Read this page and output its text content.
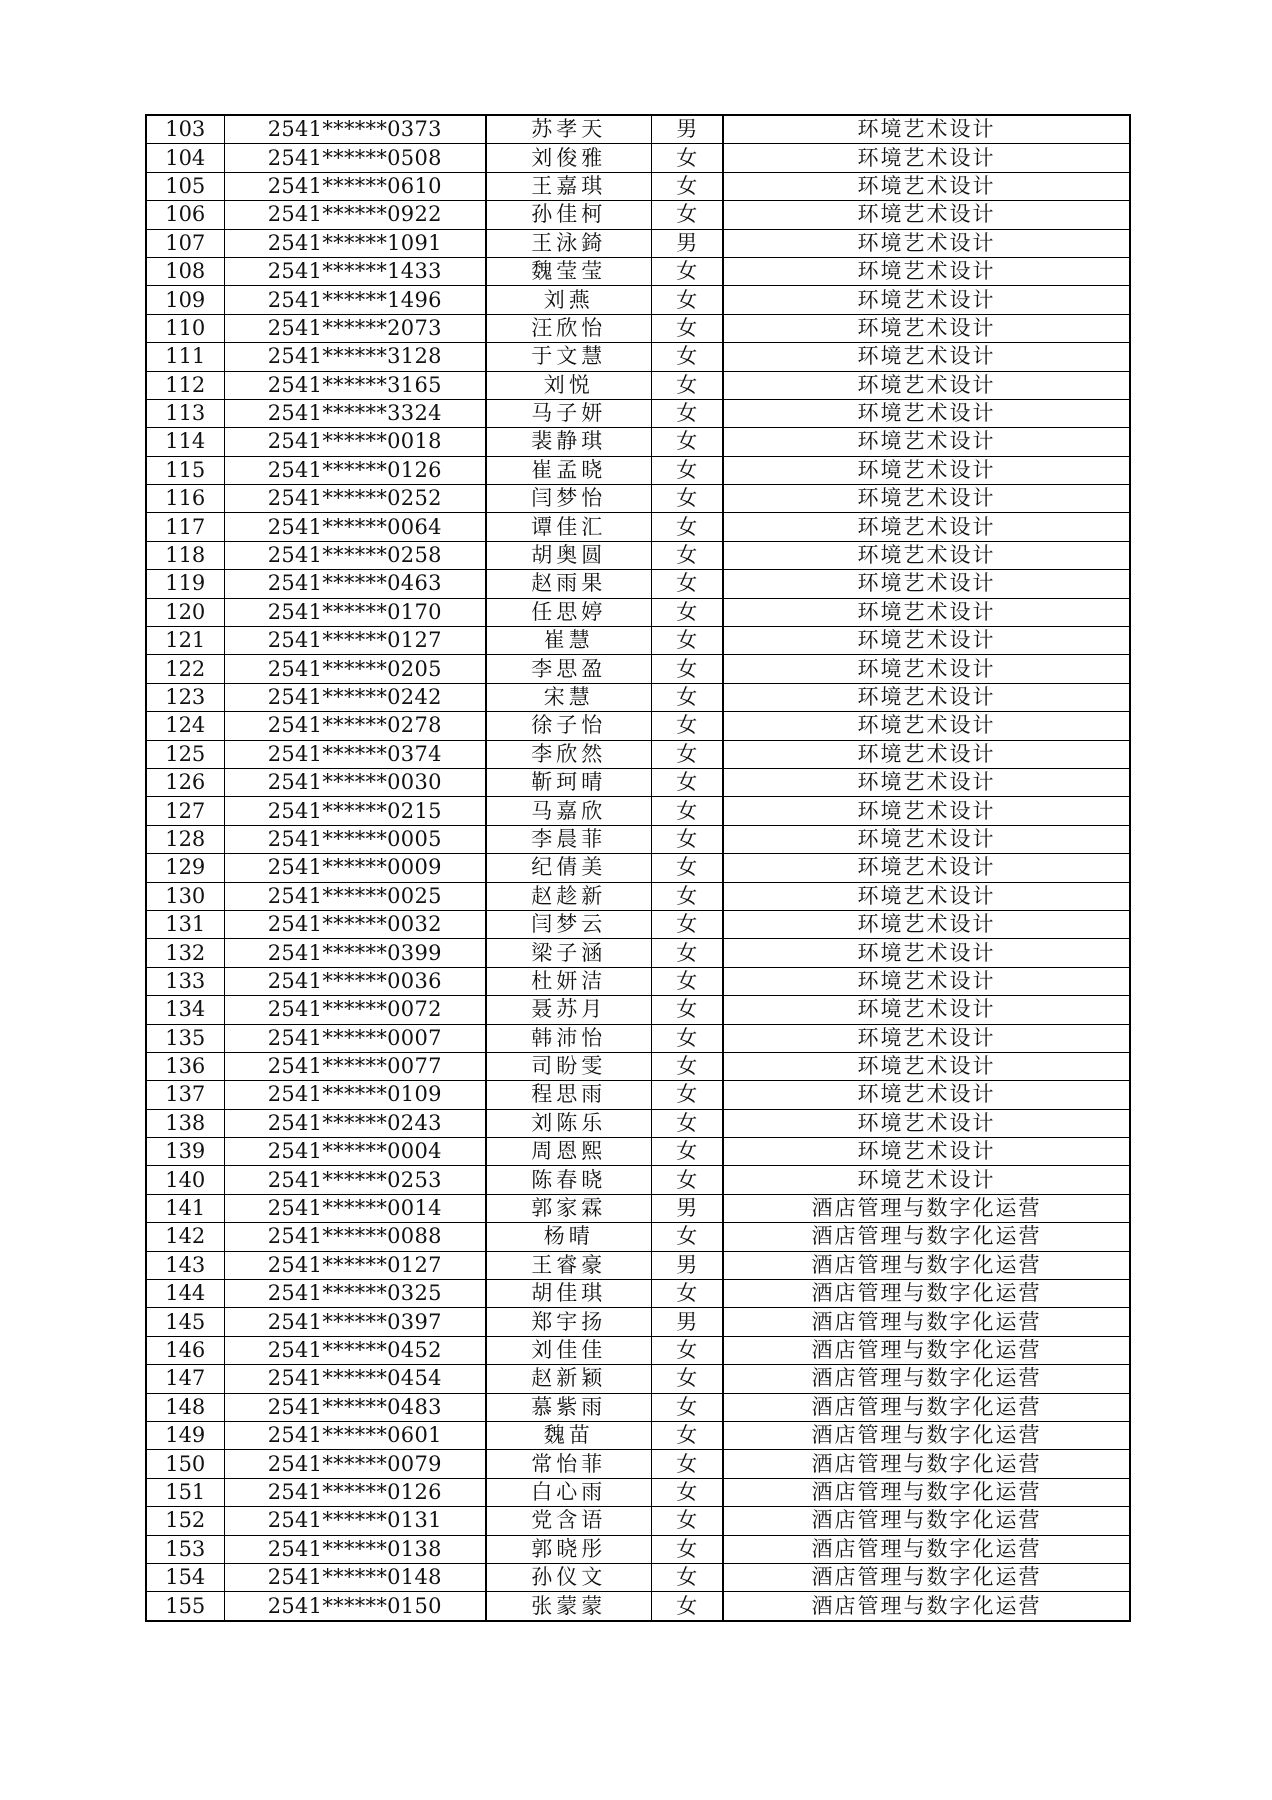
103	2541******0373	苏孝天	男	环境艺术设计
104	2541******0508	刘俊雅	女	环境艺术设计
105	2541******0610	王嘉琪	女	环境艺术设计
106	2541******0922	孙佳柯	女	环境艺术设计
107	2541******1091	王泳錡	男	环境艺术设计
108	2541******1433	魏莹莹	女	环境艺术设计
109	2541******1496	刘燕	女	环境艺术设计
110	2541******2073	汪欣怡	女	环境艺术设计
111	2541******3128	于文慧	女	环境艺术设计
112	2541******3165	刘悦	女	环境艺术设计
113	2541******3324	马子妍	女	环境艺术设计
114	2541******0018	裴静琪	女	环境艺术设计
115	2541******0126	崔孟晓	女	环境艺术设计
116	2541******0252	闫梦怡	女	环境艺术设计
117	2541******0064	谭佳汇	女	环境艺术设计
118	2541******0258	胡奥圆	女	环境艺术设计
119	2541******0463	赵雨果	女	环境艺术设计
120	2541******0170	任思婷	女	环境艺术设计
121	2541******0127	崔慧	女	环境艺术设计
122	2541******0205	李思盈	女	环境艺术设计
123	2541******0242	宋慧	女	环境艺术设计
124	2541******0278	徐子怡	女	环境艺术设计
125	2541******0374	李欣然	女	环境艺术设计
126	2541******0030	靳珂晴	女	环境艺术设计
127	2541******0215	马嘉欣	女	环境艺术设计
128	2541******0005	李晨菲	女	环境艺术设计
129	2541******0009	纪倩美	女	环境艺术设计
130	2541******0025	赵趁新	女	环境艺术设计
131	2541******0032	闫梦云	女	环境艺术设计
132	2541******0399	梁子涵	女	环境艺术设计
133	2541******0036	杜妍洁	女	环境艺术设计
134	2541******0072	聂苏月	女	环境艺术设计
135	2541******0007	韩沛怡	女	环境艺术设计
136	2541******0077	司盼雯	女	环境艺术设计
137	2541******0109	程思雨	女	环境艺术设计
138	2541******0243	刘陈乐	女	环境艺术设计
139	2541******0004	周恩熙	女	环境艺术设计
140	2541******0253	陈春晓	女	环境艺术设计
141	2541******0014	郭家霖	男	酒店管理与数字化运营
142	2541******0088	杨晴	女	酒店管理与数字化运营
143	2541******0127	王睿豪	男	酒店管理与数字化运营
144	2541******0325	胡佳琪	女	酒店管理与数字化运营
145	2541******0397	郑宇扬	男	酒店管理与数字化运营
146	2541******0452	刘佳佳	女	酒店管理与数字化运营
147	2541******0454	赵新颖	女	酒店管理与数字化运营
148	2541******0483	慕紫雨	女	酒店管理与数字化运营
149	2541******0601	魏苗	女	酒店管理与数字化运营
150	2541******0079	常怡菲	女	酒店管理与数字化运营
151	2541******0126	白心雨	女	酒店管理与数字化运营
152	2541******0131	党含语	女	酒店管理与数字化运营
153	2541******0138	郭晓彤	女	酒店管理与数字化运营
154	2541******0148	孙仪文	女	酒店管理与数字化运营
155	2541******0150	张蒙蒙	女	酒店管理与数字化运营
